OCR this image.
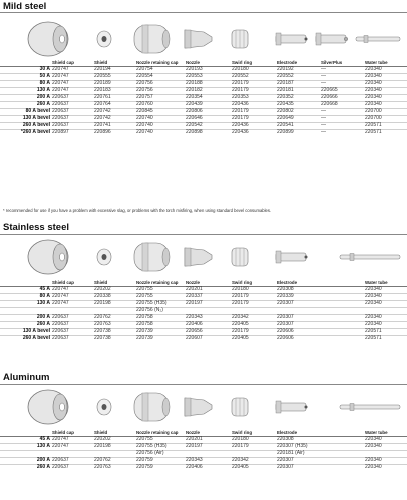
Mild steel
	Shield cap	Shield	Nozzle retaining cap	Nozzle	Swirl ring	Electrode	SilverPlus	Water tube
30 A	220747	220194	220754	220193	220180	220192	—	220340
50 A	220747	220555	220554	220553	220552	220552	—	220340
80 A	220747	220189	220756	220188	220179	220187	—	220340
130 A	220747	220183	220756	220182	220179	220181	220665	220340
200 A	220637	220761	220757	220354	220353	220352	220666	220340
260 A	220637	220764	220760	220439	220436	220435	220668	220340
80 A bevel	220637	220742	220845	220806	220179	220802	—	220700
130 A bevel	220637	220742	220740	220646	220179	220649	—	220700
260 A bevel	220637	220741	220740	220542	220436	220541	—	220571
*260 A bevel	220897	220896	220740	220898	220436	220899	—	220571
* recommended for use if you have a problem with excessive slag, or problems with the torch misfiring, when using standard bevel consumables.
Stainless steel
	Shield cap	Shield	Nozzle retaining cap	Nozzle	Swirl ring	Electrode		Water tube
45 A	220747	220202	220755	220201	220180	220308		220340
80 A	220747	220338	220755	220337	220179	220339		220340
130 A	220747	220198	220755 (H35)	220197	220179	220307		220340
			220756 (N₂)					
200 A	220637	220762	220758	220343	220342	220307		220340
260 A	220637	220763	220758	220406	220405	220307		220340
130 A bevel	220637	220738	220739	220656	220179	220606		220571
260 A bevel	220637	220738	220739	220607	220405	220606		220571
Aluminum
	Shield cap	Shield	Nozzle retaining cap	Nozzle	Swirl ring	Electrode		Water tube
45 A	220747	220202	220755	220201	220180	220308		220340
130 A	220747	220198	220755 (H35)	220197	220179	220307 (H35)		220340
			220756 (Air)			220181 (Air)		
200 A	220637	220762	220759	220343	220342	220307		220340
260 A	220637	220763	220759	220406	220405	220307		220340
